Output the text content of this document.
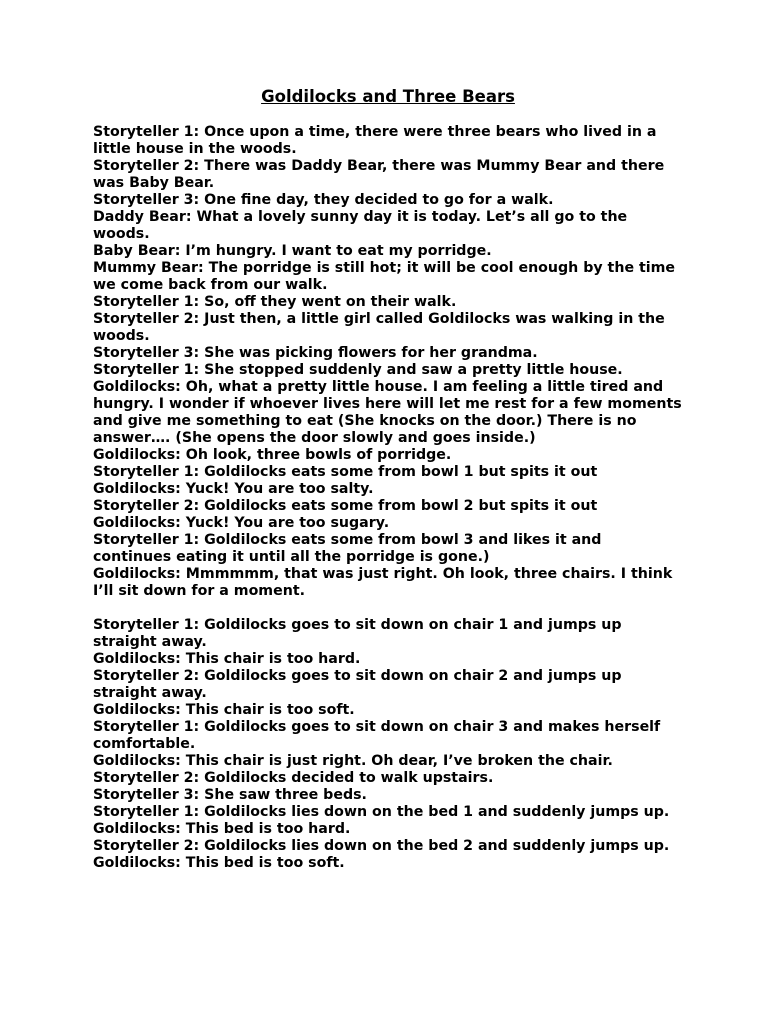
Goldilocks and Three Bears

Storyteller 1: Once upon a time, there were three bears who lived in a little house in the woods.

Storyteller 2: There was Daddy Bear, there was Mummy Bear and there was Baby Bear.

Storyteller 3: One fine day, they decided to go for a walk.

Daddy Bear: What a lovely sunny day it is today. Let’s all go to the woods.

Baby Bear: I’m hungry. I want to eat my porridge.

Mummy Bear: The porridge is still hot; it will be cool enough by the time we come back from our walk.

Storyteller 1: So, off they went on their walk.

Storyteller 2: Just then, a little girl called Goldilocks was walking in the woods.

Storyteller 3: She was picking flowers for her grandma.

Storyteller 1: She stopped suddenly and saw a pretty little house.

Goldilocks: Oh, what a pretty little house. I am feeling a little tired and hungry. I wonder if whoever lives here will let me rest for a few moments and give me something to eat (She knocks on the door.) There is no answer…. (She opens the door slowly and goes inside.)

Goldilocks: Oh look, three bowls of porridge.

Storyteller 1: Goldilocks eats some from bowl 1 but spits it out

Goldilocks: Yuck! You are too salty.

Storyteller 2: Goldilocks eats some from bowl 2 but spits it out

Goldilocks: Yuck! You are too sugary.

Storyteller 1: Goldilocks eats some from bowl 3 and likes it and continues eating it until all the porridge is gone.)

Goldilocks: Mmmmmm, that was just right. Oh look, three chairs. I think I’ll sit down for a moment.

Storyteller 1: Goldilocks goes to sit down on chair 1 and jumps up straight away.

Goldilocks: This chair is too hard.

Storyteller 2: Goldilocks goes to sit down on chair 2 and jumps up straight away.

Goldilocks: This chair is too soft.

Storyteller 1: Goldilocks goes to sit down on chair 3 and makes herself comfortable.

Goldilocks: This chair is just right. Oh dear, I’ve broken the chair.

Storyteller 2: Goldilocks decided to walk upstairs.

Storyteller 3: She saw three beds.

Storyteller 1: Goldilocks lies down on the bed 1 and suddenly jumps up.

Goldilocks: This bed is too hard.

Storyteller 2: Goldilocks lies down on the bed 2 and suddenly jumps up.

Goldilocks: This bed is too soft.
